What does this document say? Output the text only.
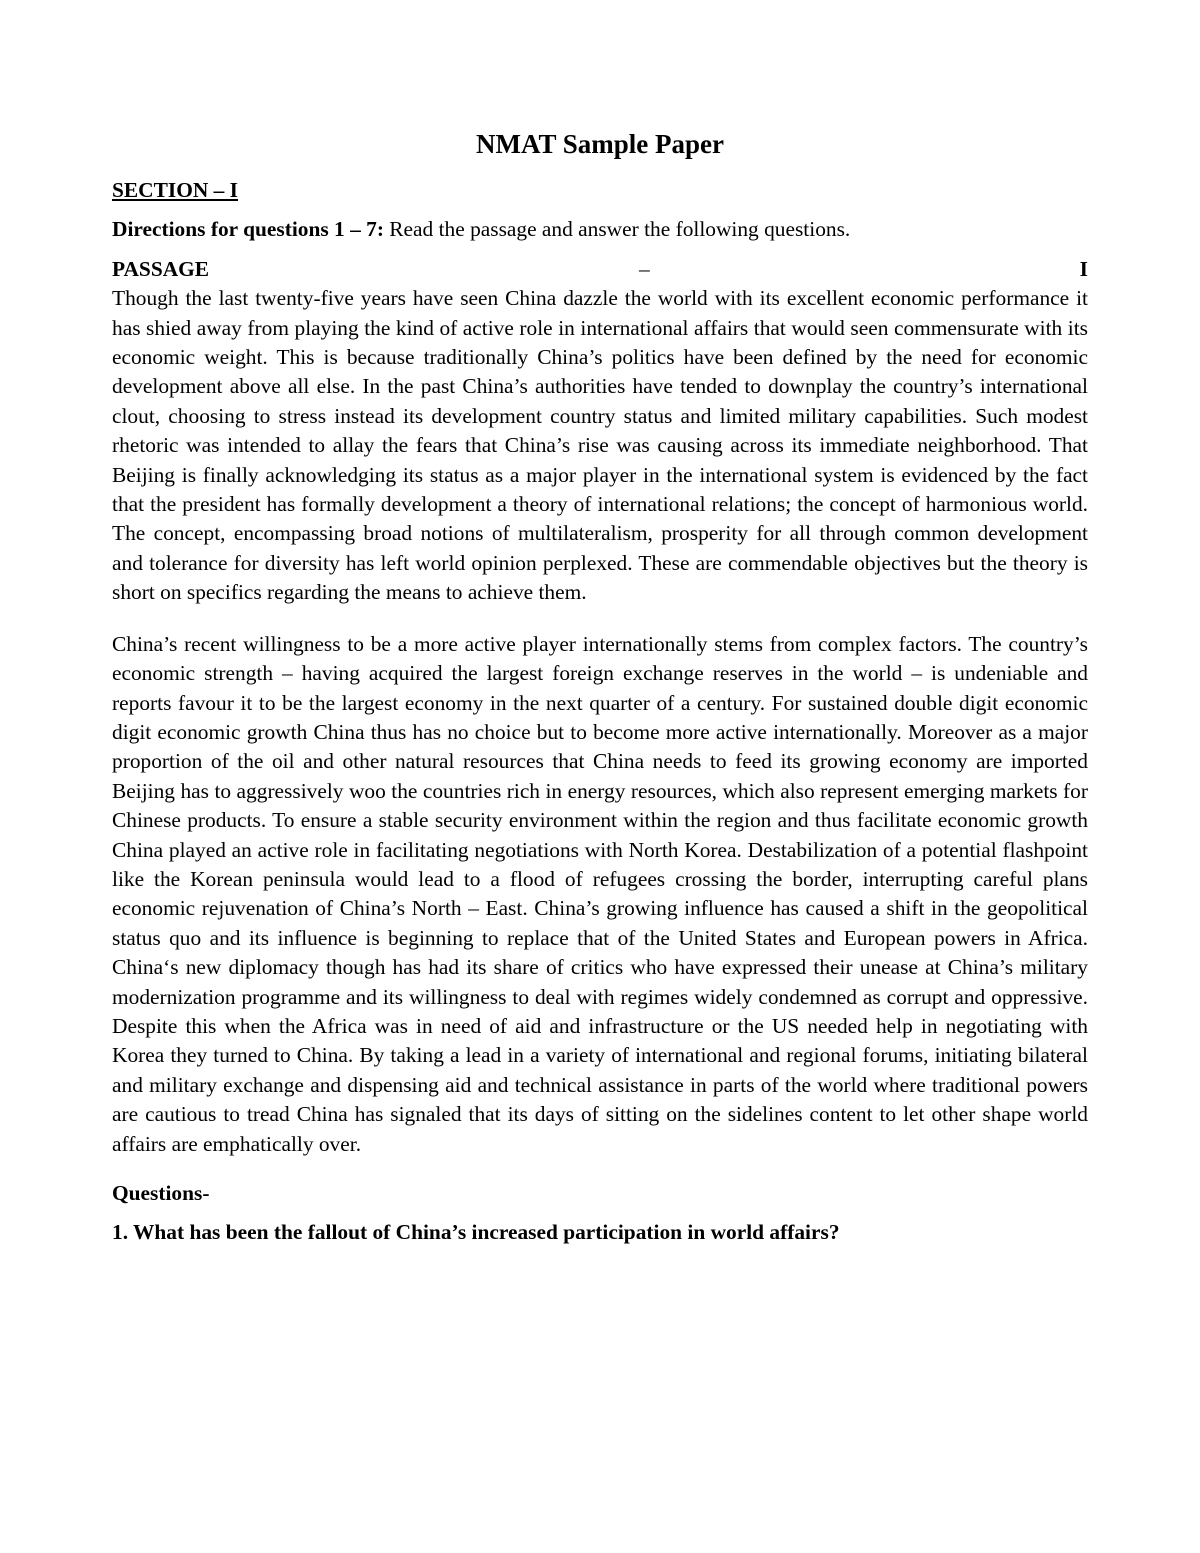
NMAT Sample Paper
SECTION – I
Directions for questions 1 – 7: Read the passage and answer the following questions.
PASSAGE	–	I

Though the last twenty-five years have seen China dazzle the world with its excellent economic performance it has shied away from playing the kind of active role in international affairs that would seen commensurate with its economic weight. This is because traditionally China’s politics have been defined by the need for economic development above all else. In the past China’s authorities have tended to downplay the country’s international clout, choosing to stress instead its development country status and limited military capabilities. Such modest rhetoric was intended to allay the fears that China’s rise was causing across its immediate neighborhood. That Beijing is finally acknowledging its status as a major player in the international system is evidenced by the fact that the president has formally development a theory of international relations; the concept of harmonious world. The concept, encompassing broad notions of multilateralism, prosperity for all through common development and tolerance for diversity has left world opinion perplexed. These are commendable objectives but the theory is short on specifics regarding the means to achieve them.

China’s recent willingness to be a more active player internationally stems from complex factors. The country’s economic strength – having acquired the largest foreign exchange reserves in the world – is undeniable and reports favour it to be the largest economy in the next quarter of a century. For sustained double digit economic digit economic growth China thus has no choice but to become more active internationally. Moreover as a major proportion of the oil and other natural resources that China needs to feed its growing economy are imported Beijing has to aggressively woo the countries rich in energy resources, which also represent emerging markets for Chinese products. To ensure a stable security environment within the region and thus facilitate economic growth China played an active role in facilitating negotiations with North Korea. Destabilization of a potential flashpoint like the Korean peninsula would lead to a flood of refugees crossing the border, interrupting careful plans economic rejuvenation of China’s North – East. China’s growing influence has caused a shift in the geopolitical status quo and its influence is beginning to replace that of the United States and European powers in Africa. China‘s new diplomacy though has had its share of critics who have expressed their unease at China’s military modernization programme and its willingness to deal with regimes widely condemned as corrupt and oppressive. Despite this when the Africa was in need of aid and infrastructure or the US needed help in negotiating with Korea they turned to China. By taking a lead in a variety of international and regional forums, initiating bilateral and military exchange and dispensing aid and technical assistance in parts of the world where traditional powers are cautious to tread China has signaled that its days of sitting on the sidelines content to let other shape world affairs are emphatically over.

Questions-
1. What has been the fallout of China’s increased participation in world affairs?
